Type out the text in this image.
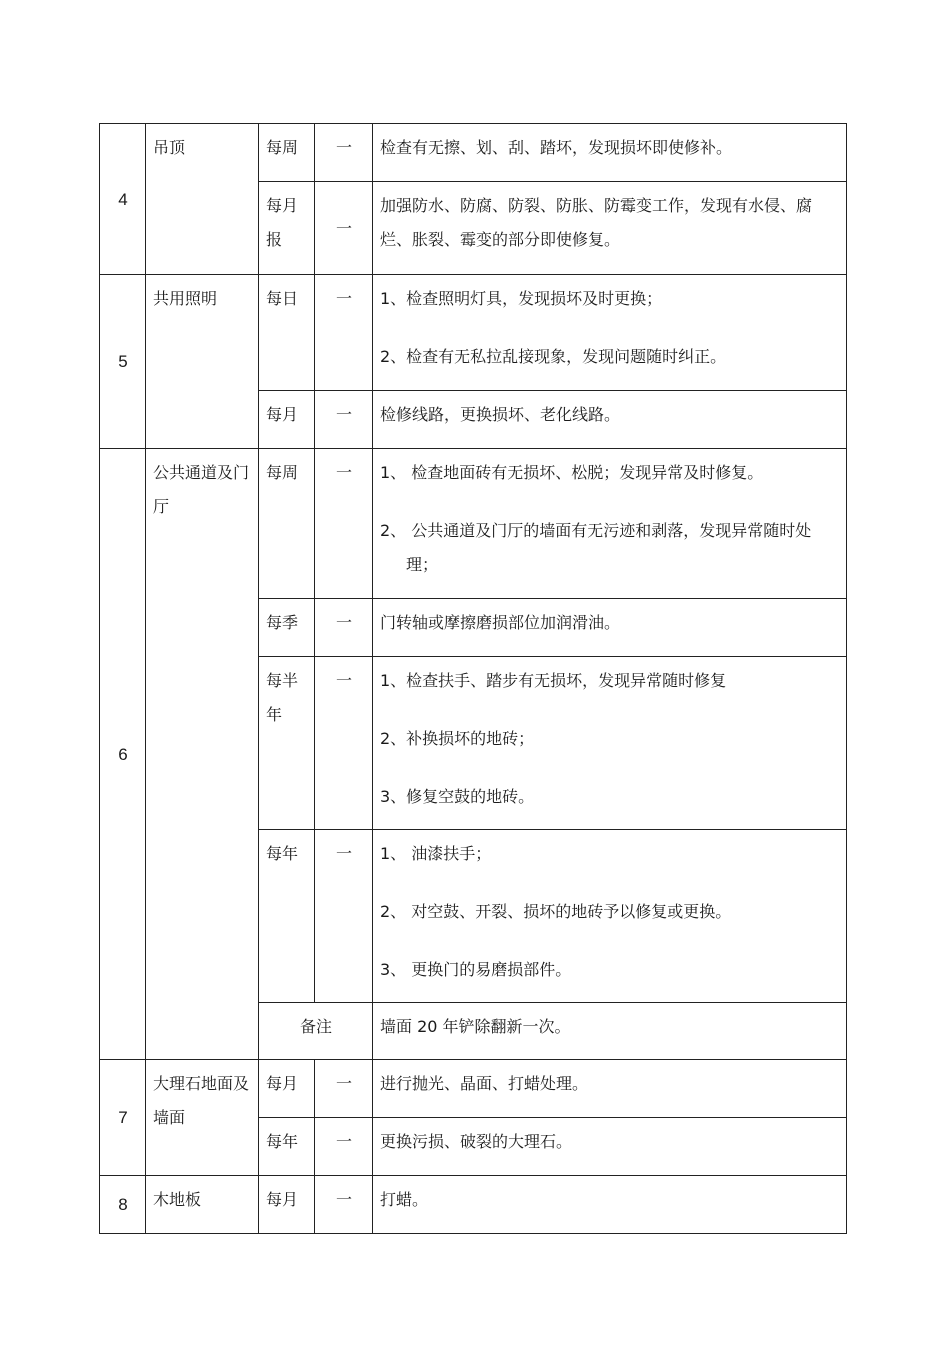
4	吊顶	每周	一	检查有无擦、划、刮、踏坏，发现损坏即使修补。

		每月报	一	加强防水、防腐、防裂、防胀、防霉变工作，发现有水侵、腐烂、胀裂、霉变的部分即使修复。

5	共用照明	每日	一	1、检查照明灯具，发现损坏及时更换；
2、检查有无私拉乱接现象，发现问题随时纠正。

		每月	一	检修线路，更换损坏、老化线路。

6	公共通道及门厅	每周	一	1、 检查地面砖有无损坏、松脱；发现异常及时修复。
2、 公共通道及门厅的墙面有无污迹和剥落，发现异常随时处理；

		每季	一	门转轴或摩擦磨损部位加润滑油。

		每半年	一	1、检查扶手、踏步有无损坏，发现异常随时修复
2、补换损坏的地砖；
3、修复空鼓的地砖。

		每年	一	1、 油漆扶手；
2、 对空鼓、开裂、损坏的地砖予以修复或更换。
3、 更换门的易磨损部件。

		备注		墙面 20 年铲除翻新一次。
7	大理石地面及墙面	每月	一	进行抛光、晶面、打蜡处理。

		每年	一	更换污损、破裂的大理石。

8	木地板	每月	一	打蜡。
